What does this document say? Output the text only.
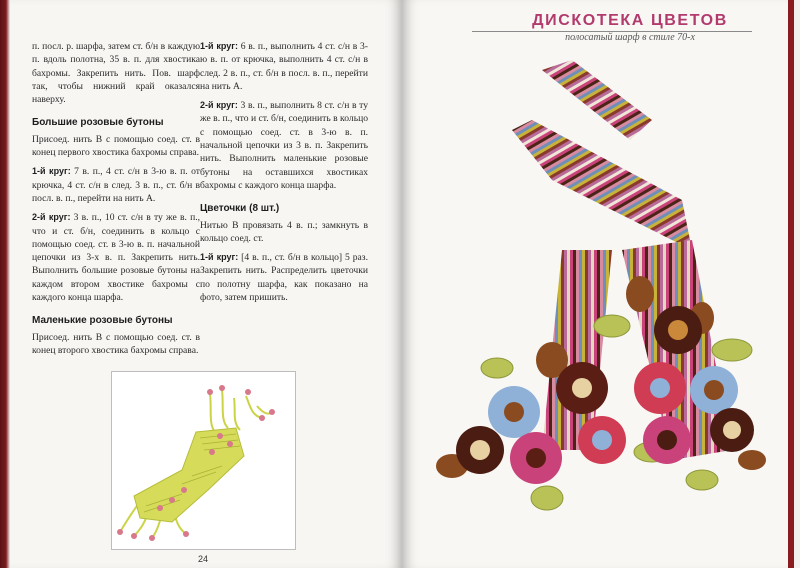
п. посл. р. шарфа, затем ст. б/н в каждую п. вдоль полотна, 35 в. п. для хвостика бахромы. Закрепить нить. Пов. шарф так, чтобы нижний край оказался наверху.

Большие розовые бутоны

Присоед. нить В с помощью соед. ст. в конец первого хвостика бахромы справа.

1-й круг: 7 в. п., 4 ст. с/н в 3-ю в. п. от крючка, 4 ст. с/н в след. 3 в. п., ст. б/н в посл. в. п., перейти на нить А.

2-й круг: 3 в. п., 10 ст. с/н в ту же в. п., что и ст. б/н, соединить в кольцо с помощью соед. ст. в 3-ю в. п. начальной цепочки из 3-х в. п. Закрепить нить. Выполнить большие розовые бутоны на каждом втором хвостике бахромы с каждого конца шарфа.

Маленькие розовые бутоны

Присоед. нить В с помощью соед. ст. в конец второго хвостика бахромы справа.

1-й круг: 6 в. п., выполнить 4 ст. с/н в 3-ю в. п. от крючка, выполнить 4 ст. с/н в след. 2 в. п., ст. б/н в посл. в. п., перейти на нить А.

2-й круг: 3 в. п., выполнить 8 ст. с/н в ту же в. п., что и ст. б/н, соединить в кольцо с помощью соед. ст. в 3-ю в. п. начальной цепочки из 3 в. п. Закрепить нить. Выполнить маленькие розовые бутоны на оставшихся хвостиках бахромы с каждого конца шарфа.

Цветочки (8 шт.)

Нитью В провязать 4 в. п.; замкнуть в кольцо соед. ст.

1-й круг: [4 в. п., ст. б/н в кольцо] 5 раз. Закрепить нить. Распределить цветочки по полотну шарфа, как показано на фото, затем пришить.

24
ДИСКОТЕКА ЦВЕТОВ
полосатый шарф в стиле 70-х
